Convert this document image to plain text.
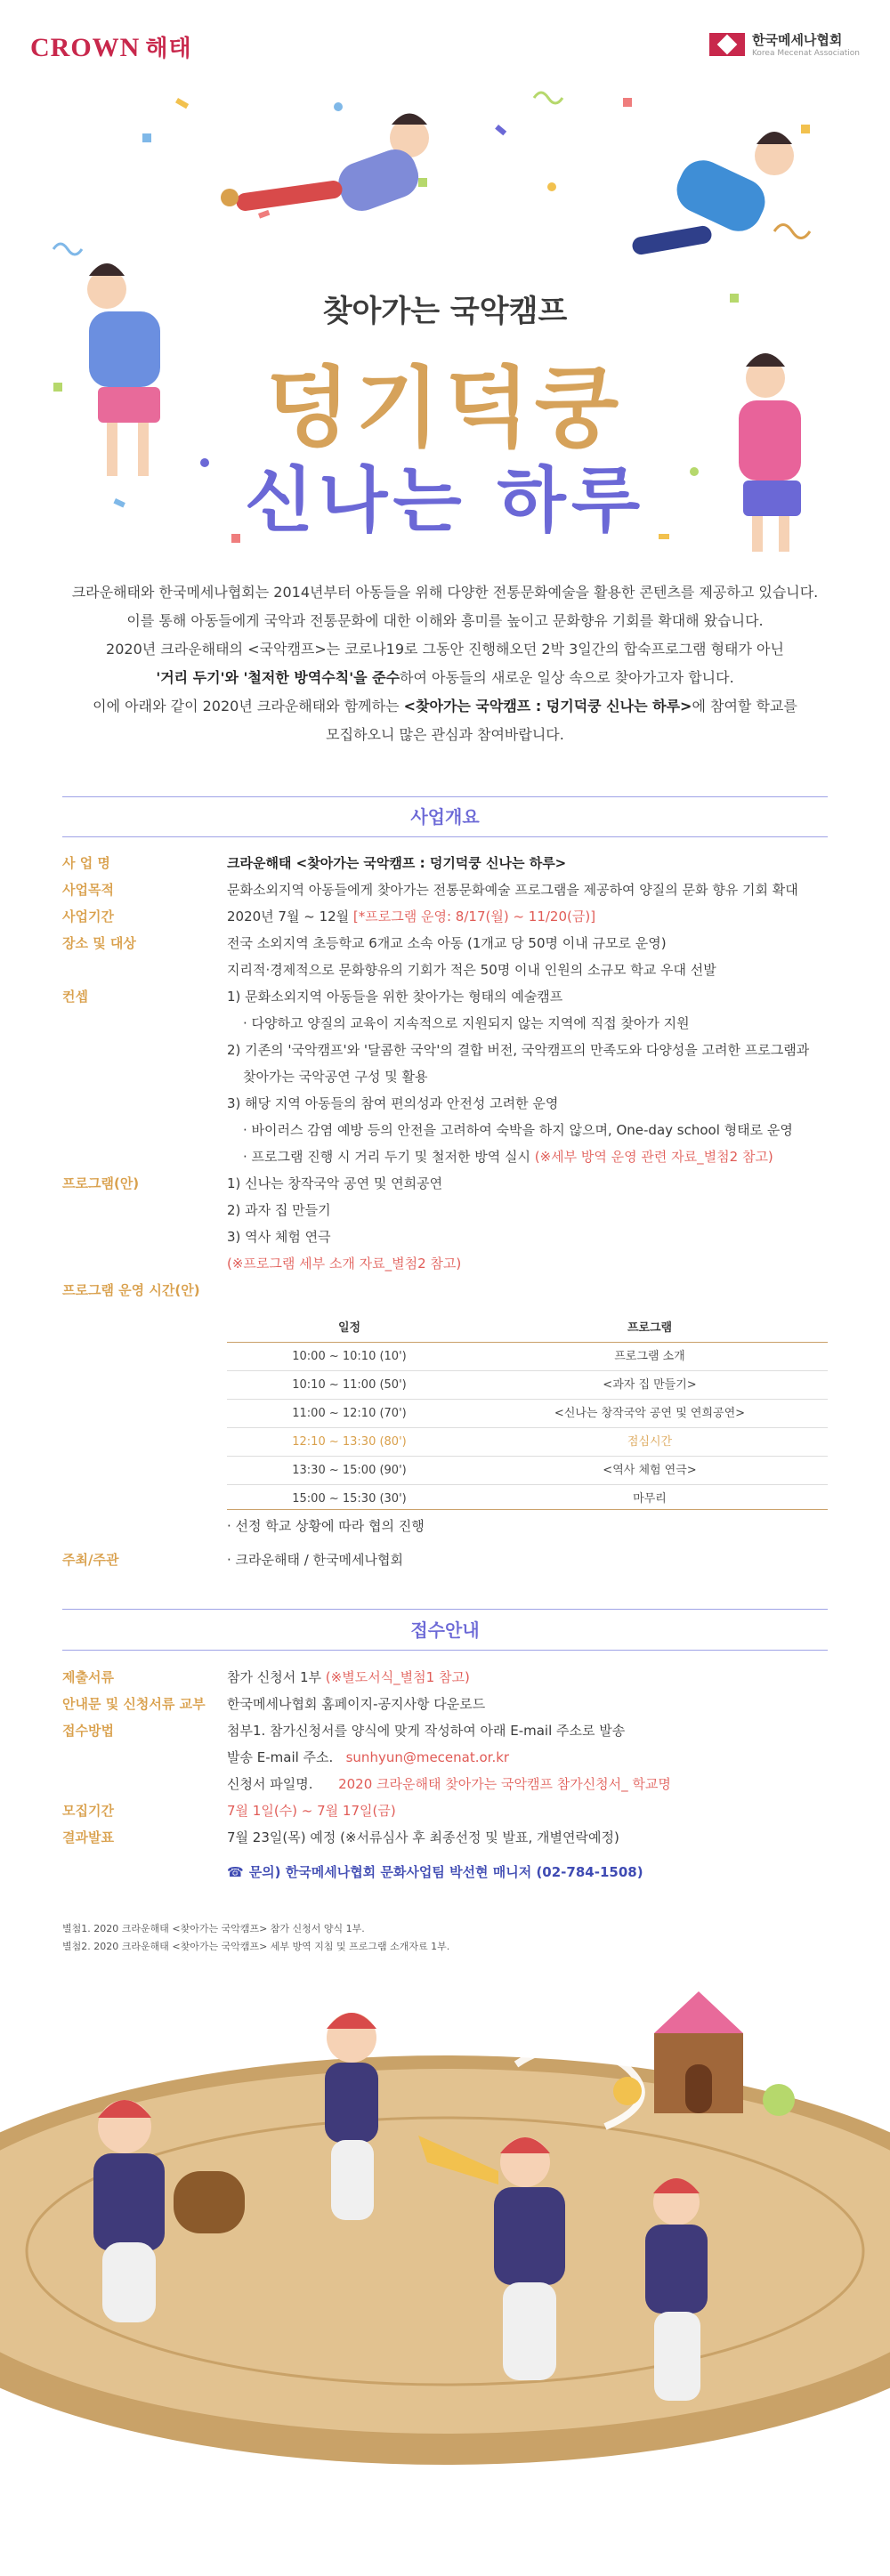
CROWN 해태	한국메세나협회
Korea Mecenat Association
찾아가는 국악캠프
덩기덕쿵
신나는 하루

크라운해태와 한국메세나협회는 2014년부터 아동들을 위해 다양한 전통문화예술을 활용한 콘텐츠를 제공하고 있습니다.

이를 통해 아동들에게 국악과 전통문화에 대한 이해와 흥미를 높이고 문화향유 기회를 확대해 왔습니다.

2020년 크라운해태의 <국악캠프>는 코로나19로 그동안 진행해오던 2박 3일간의 합숙프로그램 형태가 아닌

'거리 두기'와 '철저한 방역수칙'을 준수하여 아동들의 새로운 일상 속으로 찾아가고자 합니다.

이에 아래와 같이 2020년 크라운해태와 함께하는 <찾아가는 국악캠프 : 덩기덕쿵 신나는 하루>에 참여할 학교를

모집하오니 많은 관심과 참여바랍니다.

사업개요
사 업 명	크라운해태 <찾아가는 국악캠프 : 덩기덕쿵 신나는 하루>
사업목적	문화소외지역 아동들에게 찾아가는 전통문화예술 프로그램을 제공하여 양질의 문화 향유 기회 확대
사업기간	2020년 7월 ~ 12월 [*프로그램 운영: 8/17(월) ~ 11/20(금)]
장소 및 대상	전국 소외지역 초등학교 6개교 소속 아동 (1개교 당 50명 이내 규모로 운영)
지리적·경제적으로 문화향유의 기회가 적은 50명 이내 인원의 소규모 학교 우대 선발
컨셉	1) 문화소외지역 아동들을 위한 찾아가는 형태의 예술캠프
· 다양하고 양질의 교육이 지속적으로 지원되지 않는 지역에 직접 찾아가 지원
2) 기존의 '국악캠프'와 '달콤한 국악'의 결합 버전, 국악캠프의 만족도와 다양성을 고려한 프로그램과
찾아가는 국악공연 구성 및 활용
3) 해당 지역 아동들의 참여 편의성과 안전성 고려한 운영
· 바이러스 감염 예방 등의 안전을 고려하여 숙박을 하지 않으며, One-day school 형태로 운영
· 프로그램 진행 시 거리 두기 및 철저한 방역 실시 (※세부 방역 운영 관련 자료_별첨2 참고)
프로그램(안)	1) 신나는 창작국악 공연 및 연희공연
2) 과자 집 만들기
3) 역사 체험 연극
(※프로그램 세부 소개 자료_별첨2 참고)
프로그램 운영 시간(안)
일정	프로그램
10:00 ~ 10:10 (10')	프로그램 소개
10:10 ~ 11:00 (50')	<과자 집 만들기>
11:00 ~ 12:10 (70')	<신나는 창작국악 공연 및 연희공연>
12:10 ~ 13:30 (80')	점심시간
13:30 ~ 15:00 (90')	<역사 체험 연극>
15:00 ~ 15:30 (30')	마무리
· 선정 학교 상황에 따라 협의 진행
주최/주관	· 크라운해태 / 한국메세나협회
접수안내
제출서류	참가 신청서 1부 (※별도서식_별첨1 참고)
안내문 및 신청서류 교부	한국메세나협회 홈페이지-공지사항 다운로드
접수방법	첨부1. 참가신청서를 양식에 맞게 작성하여 아래 E-mail 주소로 발송
발송 E-mail 주소. sunhyun@mecenat.or.kr
신청서 파일명. 2020 크라운해태 찾아가는 국악캠프 참가신청서_ 학교명
모집기간	7월 1일(수) ~ 7월 17일(금)
결과발표	7월 23일(목) 예정 (※서류심사 후 최종선정 및 발표, 개별연락예정)
☎ 문의) 한국메세나협회 문화사업팀 박선현 매니저 (02-784-1508)
별첨1. 2020 크라운해태 <찾아가는 국악캠프> 참가 신청서 양식 1부.
별첨2. 2020 크라운해태 <찾아가는 국악캠프> 세부 방역 지침 및 프로그램 소개자료 1부.
